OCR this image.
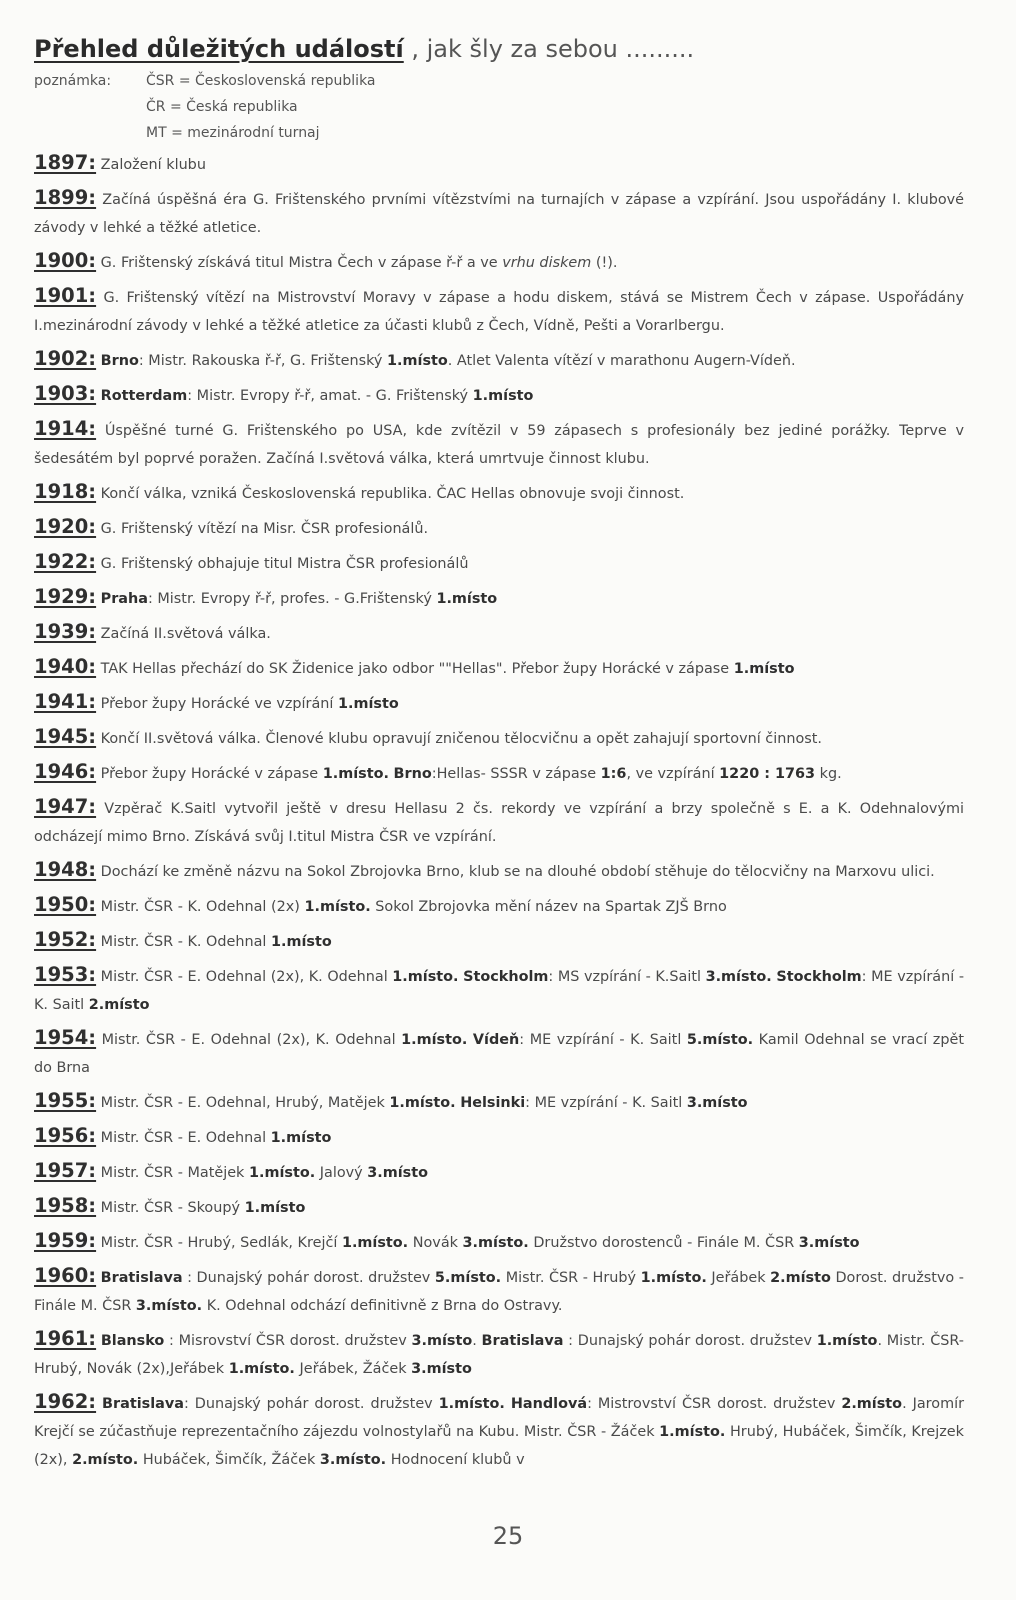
Přehled důležitých událostí , jak šly za sebou .........
poznámka:	ČSR = Československá republika
ČR = Česká republika
MT = mezinárodní turnaj
1897: Založení klubu
1899: Začíná úspěšná éra G. Frištenského prvními vítězstvími na turnajích v zápase a vzpírání. Jsou uspořádány I. klubové závody v lehké a těžké atletice.
1900: G. Frištenský získává titul Mistra Čech v zápase ř-ř a ve vrhu diskem (!).
1901: G. Frištenský vítězí na Mistrovství Moravy v zápase a hodu diskem, stává se Mistrem Čech v zápase. Uspořádány I.mezinárodní závody v lehké a těžké atletice za účasti klubů z Čech, Vídně, Pešti a Vorarlbergu.
1902: Brno: Mistr. Rakouska ř-ř, G. Frištenský 1.místo. Atlet Valenta vítězí v marathonu Augern-Vídeň.
1903: Rotterdam: Mistr. Evropy ř-ř, amat. - G. Frištenský 1.místo
1914: Úspěšné turné G. Frištenského po USA, kde zvítězil v 59 zápasech s profesionály bez jediné porážky. Teprve v šedesátém byl poprvé poražen. Začíná I.světová válka, která umrtvuje činnost klubu.
1918: Končí válka, vzniká Československá republika. ČAC Hellas obnovuje svoji činnost.
1920: G. Frištenský vítězí na Misr. ČSR profesionálů.
1922: G. Frištenský obhajuje titul Mistra ČSR profesionálů
1929: Praha: Mistr. Evropy ř-ř, profes. - G.Frištenský 1.místo
1939: Začíná II.světová válka.
1940: TAK Hellas přechází do SK Židenice jako odbor ""Hellas". Přebor župy Horácké v zápase 1.místo
1941: Přebor župy Horácké ve vzpírání 1.místo
1945: Končí II.světová válka. Členové klubu opravují zničenou tělocvičnu a opět zahajují sportovní činnost.
1946: Přebor župy Horácké v zápase 1.místo. Brno:Hellas- SSSR v zápase 1:6, ve vzpírání 1220 : 1763 kg.
1947: Vzpěrač K.Saitl vytvořil ještě v dresu Hellasu 2 čs. rekordy ve vzpírání a brzy společně s E. a K. Odehnalovými odcházejí mimo Brno. Získává svůj I.titul Mistra ČSR ve vzpírání.
1948: Dochází ke změně názvu na Sokol Zbrojovka Brno, klub se na dlouhé období stěhuje do tělocvičny na Marxovu ulici.
1950: Mistr. ČSR - K. Odehnal (2x) 1.místo. Sokol Zbrojovka mění název na Spartak ZJŠ Brno
1952: Mistr. ČSR - K. Odehnal 1.místo
1953: Mistr. ČSR - E. Odehnal (2x), K. Odehnal 1.místo. Stockholm: MS vzpírání - K.Saitl 3.místo. Stockholm: ME vzpírání - K. Saitl 2.místo
1954: Mistr. ČSR - E. Odehnal (2x), K. Odehnal 1.místo. Vídeň: ME vzpírání - K. Saitl 5.místo. Kamil Odehnal se vrací zpět do Brna
1955: Mistr. ČSR - E. Odehnal, Hrubý, Matějek 1.místo. Helsinki: ME vzpírání - K. Saitl 3.místo
1956: Mistr. ČSR - E. Odehnal 1.místo
1957: Mistr. ČSR - Matějek 1.místo. Jalový 3.místo
1958: Mistr. ČSR - Skoupý 1.místo
1959: Mistr. ČSR - Hrubý, Sedlák, Krejčí 1.místo. Novák 3.místo. Družstvo dorostenců - Finále M. ČSR 3.místo
1960: Bratislava : Dunajský pohár dorost. družstev 5.místo. Mistr. ČSR - Hrubý 1.místo. Jeřábek 2.místo Dorost. družstvo - Finále M. ČSR 3.místo. K. Odehnal odchází definitivně z Brna do Ostravy.
1961: Blansko : Misrovství ČSR dorost. družstev 3.místo. Bratislava : Dunajský pohár dorost. družstev 1.místo. Mistr. ČSR- Hrubý, Novák (2x),Jeřábek 1.místo. Jeřábek, Žáček 3.místo
1962: Bratislava: Dunajský pohár dorost. družstev 1.místo. Handlová: Mistrovství ČSR dorost. družstev 2.místo. Jaromír Krejčí se zúčastňuje reprezentačního zájezdu volnostylařů na Kubu. Mistr. ČSR - Žáček 1.místo. Hrubý, Hubáček, Šimčík, Krejzek (2x), 2.místo. Hubáček, Šimčík, Žáček 3.místo. Hodnocení klubů v
25
